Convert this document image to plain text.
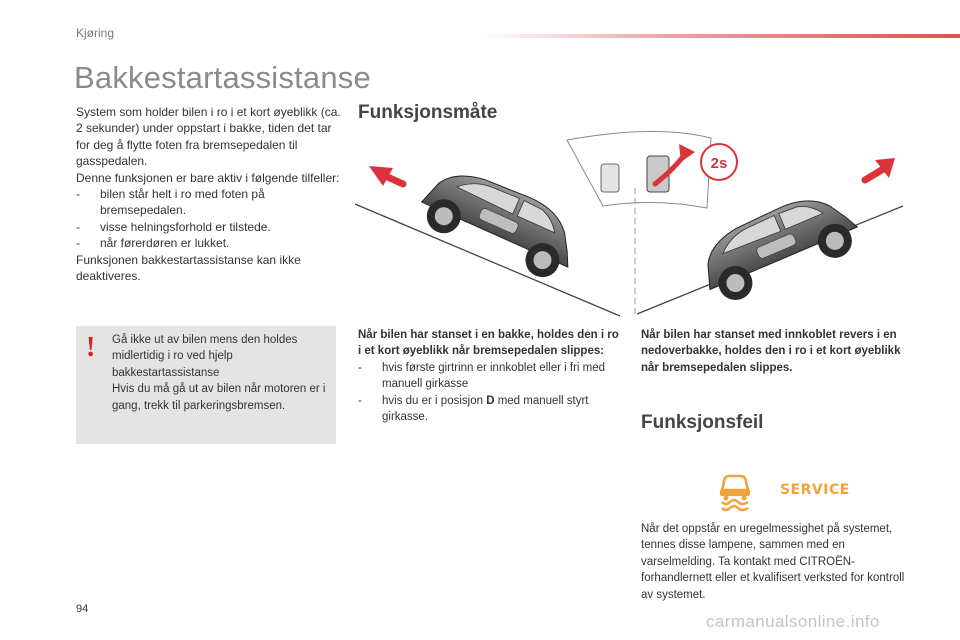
Kjøring
Bakkestartassistanse

System som holder bilen i ro i et kort øyeblikk (ca. 2 sekunder) under oppstart i bakke, tiden det tar for deg å flytte foten fra bremsepedalen til gasspedalen.

Denne funksjonen er bare aktiv i følgende tilfeller:

- bilen står helt i ro med foten på bremsepedalen.
- visse helningsforhold er tilstede.
- når førerdøren er lukket.

Funksjonen bakkestartassistanse kan ikke deaktiveres.

! Gå ikke ut av bilen mens den holdes midlertidig i ro ved hjelp bakkestartassistanse

Hvis du må gå ut av bilen når motoren er i gang, trekk til parkeringsbremsen.

Funksjonsmåte
2s

Når bilen har stanset i en bakke, holdes den i ro i et kort øyeblikk når bremsepedalen slippes:

- hvis første girtrinn er innkoblet eller i fri med manuell girkasse
- hvis du er i posisjon D med manuell styrt girkasse.

Når bilen har stanset med innkoblet revers i en nedoverbakke, holdes den i ro i et kort øyeblikk når bremsepedalen slippes.

Funksjonsfeil
SERVICE

Når det oppstår en uregelmessighet på systemet, tennes disse lampene, sammen med en varselmelding. Ta kontakt med CITROËN-forhandlernett eller et kvalifisert verksted for kontroll av systemet.

94
carmanualsonline.info
